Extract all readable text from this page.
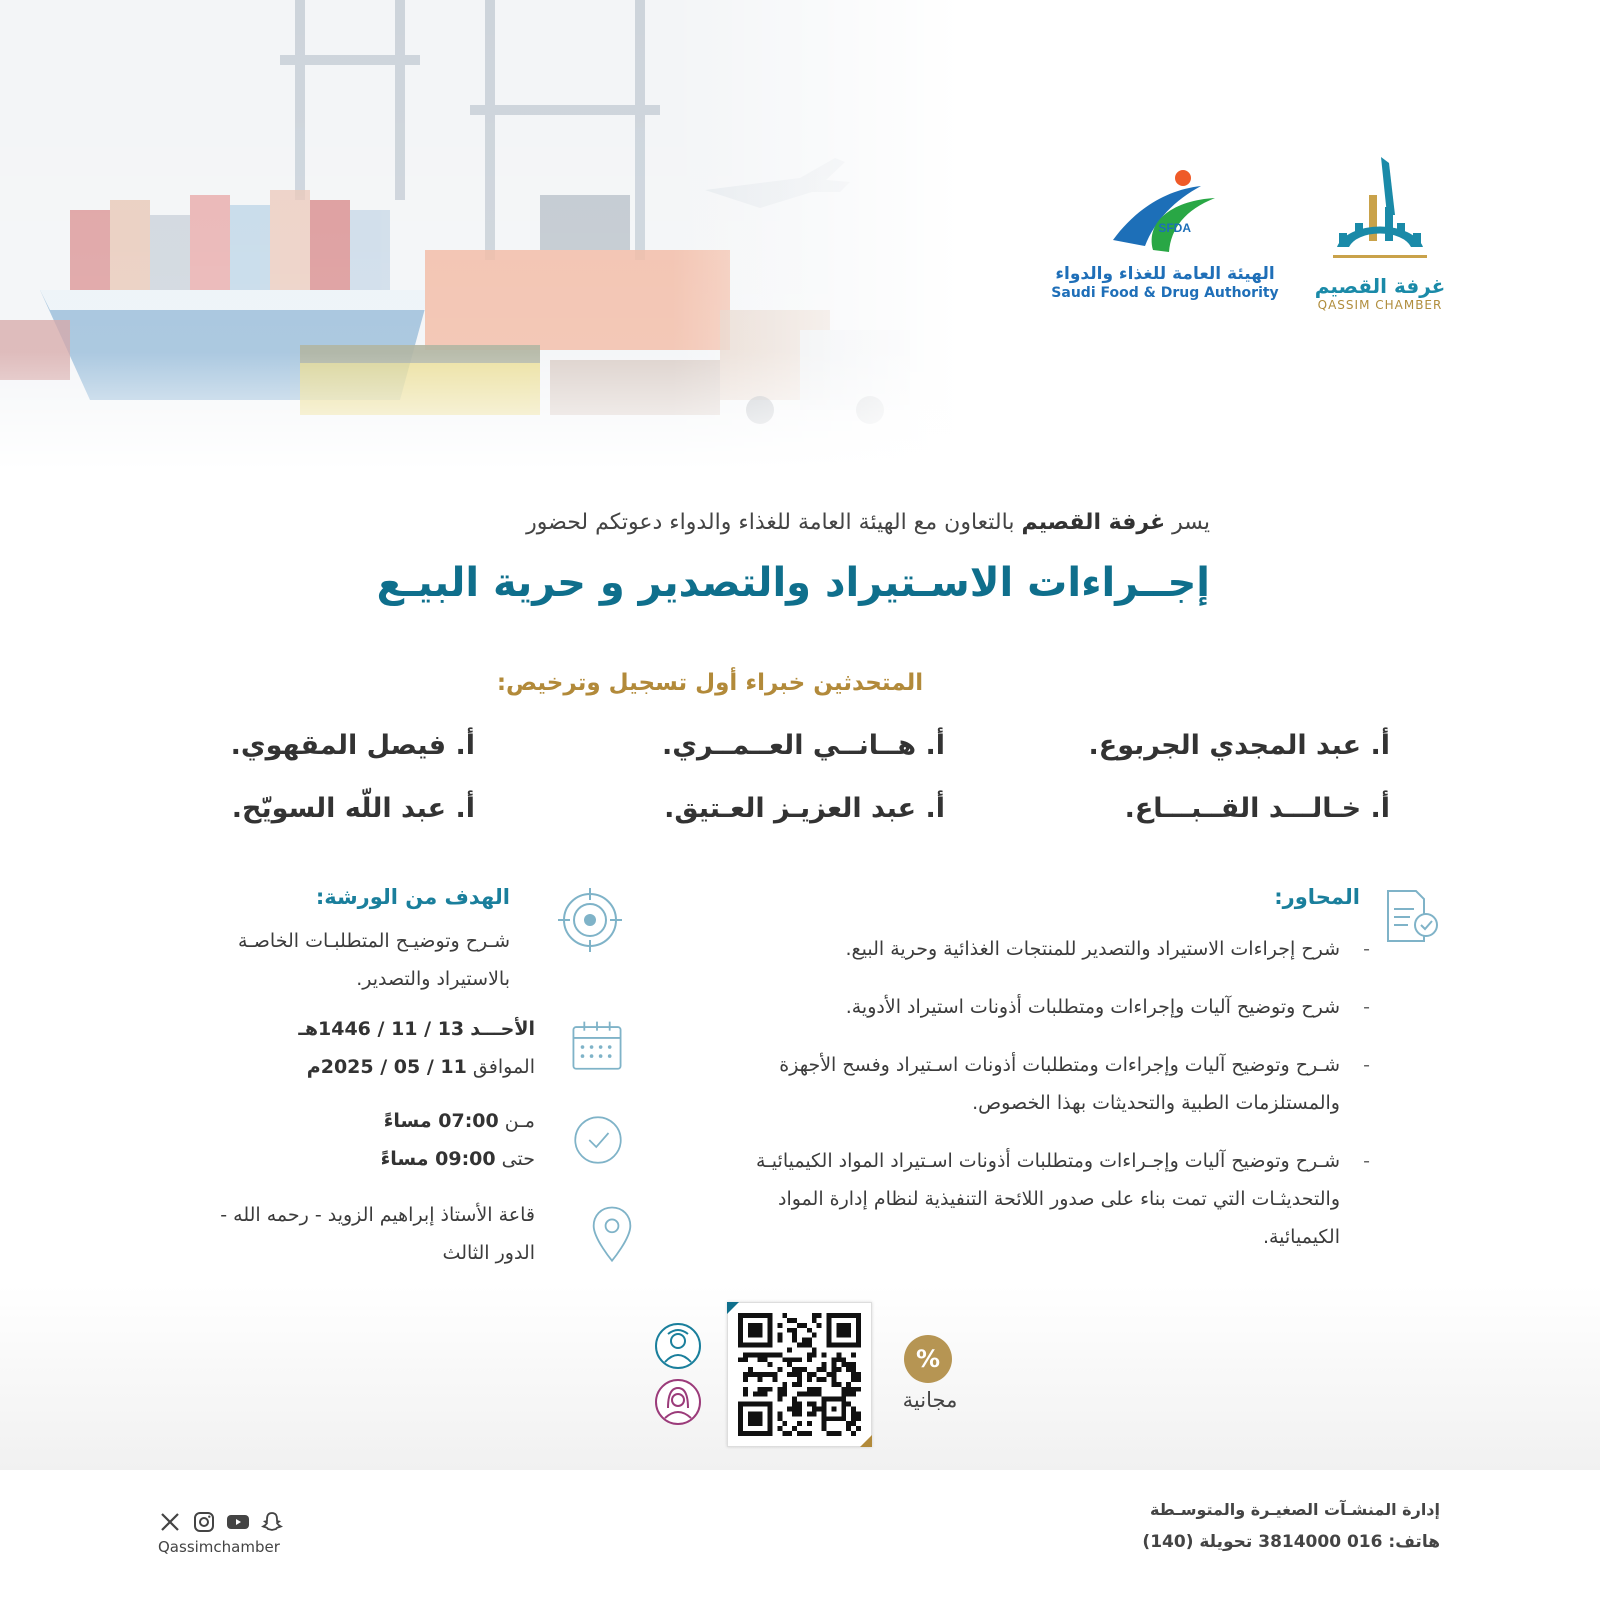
SFDA
الهيئة العامة للغذاء والدواء
Saudi Food & Drug Authority غرفة القصيم
QASSIM CHAMBER
يسر غرفة القصيم بالتعاون مع الهيئة العامة للغذاء والدواء دعوتكم لحضور
إجــراءات الاسـتيراد والتصدير و حرية البيـع
المتحدثين خبراء أول تسجيل وترخيص:
أ. عبد المجدي الجربوع.
أ. هــانــي العــمــري.
أ. فيصل المقهوي.
أ. خـالـــد القــبـــاع.
أ. عبد العزيـز العـتيق.
أ. عبد اللّه السويّح.
المحاور:
- شرح إجراءات الاستيراد والتصدير للمنتجات الغذائية وحرية البيع.
- شرح وتوضيح آليات وإجراءات ومتطلبات أذونات استيراد الأدوية.
- شـرح وتوضيح آليات وإجراءات ومتطلبات أذونات اسـتيراد وفسح الأجهزة والمستلزمات الطبية والتحديثات بهذا الخصوص.
- شـرح وتوضيح آليات وإجـراءات ومتطلبات أذونات اسـتيراد المواد الكيميائيـة والتحديثـات التي تمت بناء على صدور اللائحة التنفيذية لنظام إدارة المواد الكيميائية.
الهدف من الورشة:
شـرح وتوضيـح المتطلبـات الخاصـة بالاستيراد والتصدير.
الأحـــد 13 / 11 / 1446هـ
الموافق 11 / 05 / 2025م
مـن 07:00 مساءً
حتى 09:00 مساءً
قاعة الأستاذ إبراهيم الزويد - رحمه الله -
الدور الثالث
%
مجانية
إدارة المنشـآت الصغيـرة والمتوسـطة
هاتف: 016 3814000 تحويلة (140)
Qassimchamber
